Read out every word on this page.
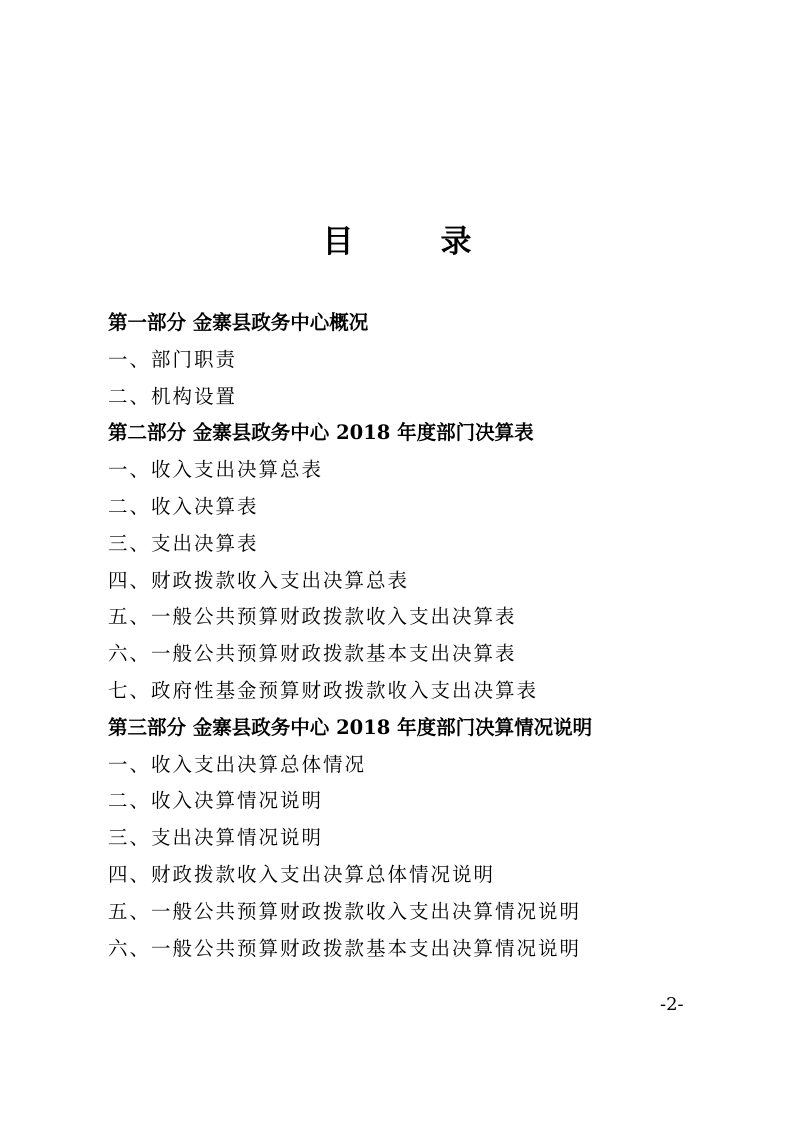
目　录
第一部分 金寨县政务中心概况
一、部门职责
二、机构设置
第二部分 金寨县政务中心 2018 年度部门决算表
一、收入支出决算总表
二、收入决算表
三、支出决算表
四、财政拨款收入支出决算总表
五、一般公共预算财政拨款收入支出决算表
六、一般公共预算财政拨款基本支出决算表
七、政府性基金预算财政拨款收入支出决算表
第三部分 金寨县政务中心 2018 年度部门决算情况说明
一、收入支出决算总体情况
二、收入决算情况说明
三、支出决算情况说明
四、财政拨款收入支出决算总体情况说明
五、一般公共预算财政拨款收入支出决算情况说明
六、一般公共预算财政拨款基本支出决算情况说明
-2-
